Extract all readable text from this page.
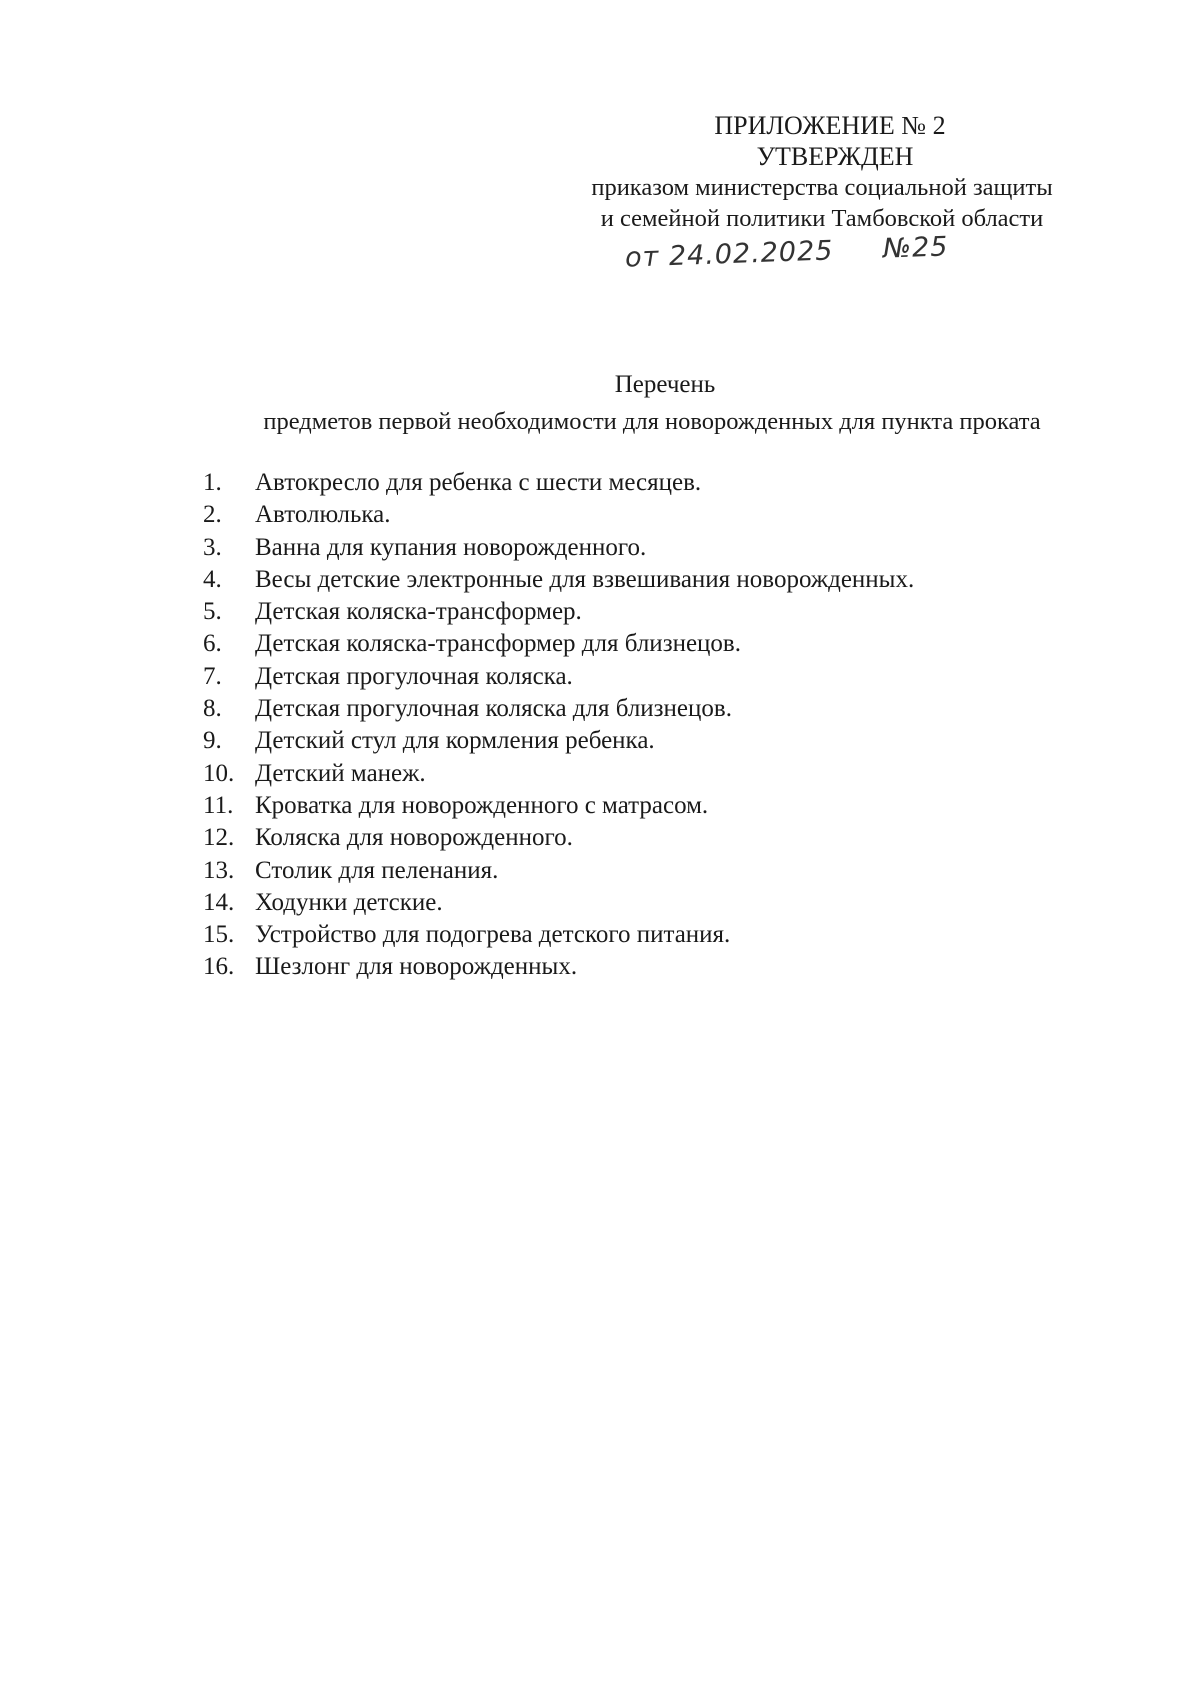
ПРИЛОЖЕНИЕ № 2
УТВЕРЖДЕН
приказом министерства социальной защиты
и семейной политики Тамбовской области
от 24.02.2025 №25
Перечень
предметов первой необходимости для новорожденных для пункта проката
1. Автокресло для ребенка с шести месяцев.
2. Автолюлька.
3. Ванна для купания новорожденного.
4. Весы детские электронные для взвешивания новорожденных.
5. Детская коляска-трансформер.
6. Детская коляска-трансформер для близнецов.
7. Детская прогулочная коляска.
8. Детская прогулочная коляска для близнецов.
9. Детский стул для кормления ребенка.
10. Детский манеж.
11. Кроватка для новорожденного с матрасом.
12. Коляска для новорожденного.
13. Столик для пеленания.
14. Ходунки детские.
15. Устройство для подогрева детского питания.
16. Шезлонг для новорожденных.
